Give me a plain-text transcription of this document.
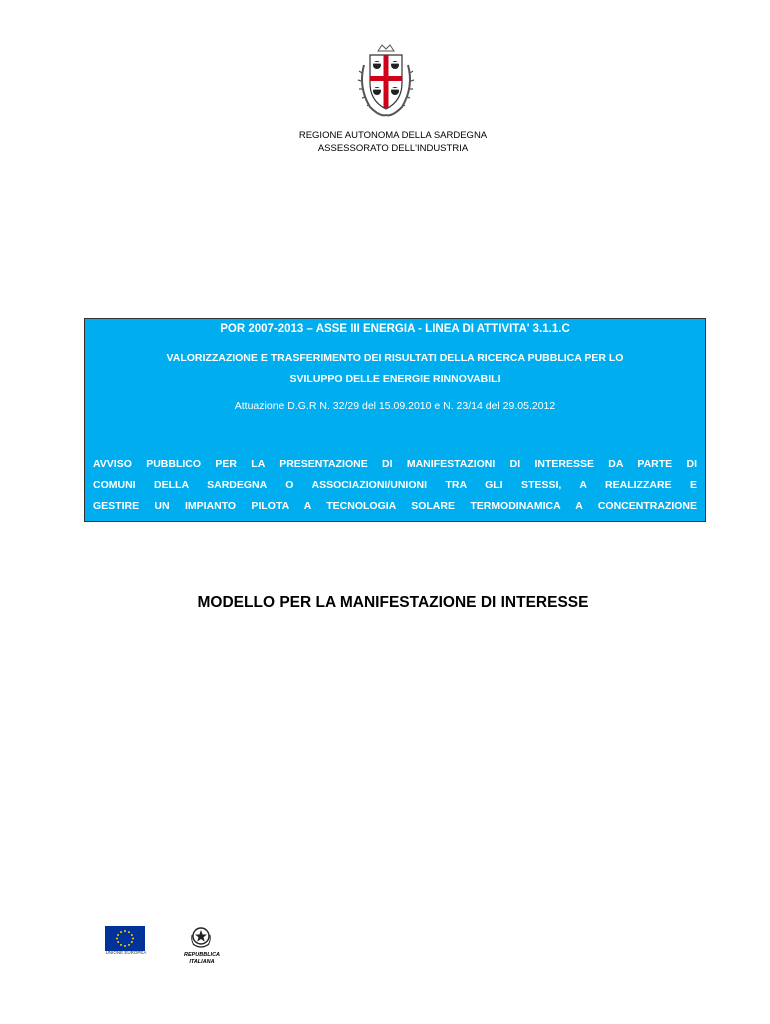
REGIONE AUTONOMA DELLA SARDEGNA
ASSESSORATO DELL'INDUSTRIA
POR 2007-2013 – ASSE III ENERGIA - LINEA DI ATTIVITA' 3.1.1.C
VALORIZZAZIONE E TRASFERIMENTO DEI RISULTATI DELLA RICERCA PUBBLICA PER LO
SVILUPPO DELLE ENERGIE RINNOVABILI
Attuazione D.G.R N. 32/29 del 15.09.2010 e N. 23/14 del 29.05.2012
AVVISO PUBBLICO PER LA PRESENTAZIONE DI MANIFESTAZIONI DI INTERESSE DA PARTE DI
COMUNI DELLA SARDEGNA O ASSOCIAZIONI/UNIONI TRA GLI STESSI, A REALIZZARE E
GESTIRE UN IMPIANTO PILOTA A TECNOLOGIA SOLARE TERMODINAMICA A CONCENTRAZIONE
MODELLO PER LA MANIFESTAZIONE DI INTERESSE
UNIONE EUROPEA	REPUBBLICA
ITALIANA
